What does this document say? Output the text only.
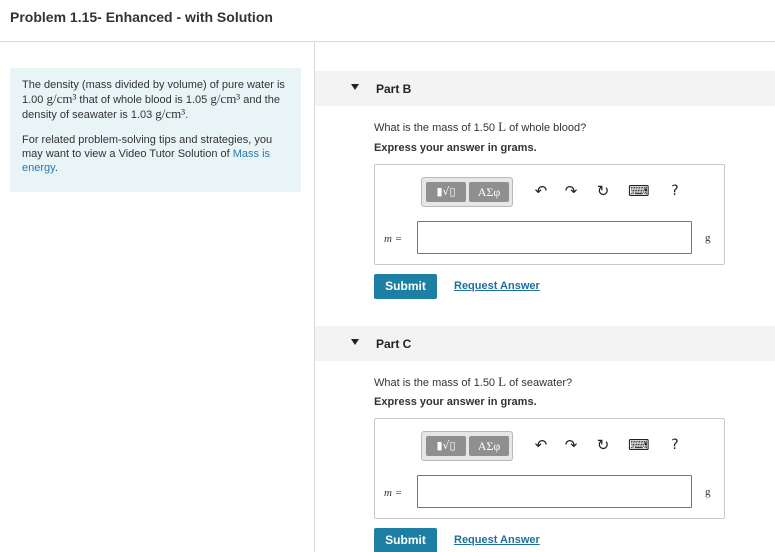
Problem 1.15- Enhanced - with Solution

The density (mass divided by volume) of pure water is 1.00 g/cm³ that of whole blood is 1.05 g/cm³ and the density of seawater is 1.03 g/cm³.

For related problem-solving tips and strategies, you may want to view a Video Tutor Solution of Mass is energy.

Part B
What is the mass of 1.50 L of whole blood?
Express your answer in grams.
▮√▯	ΑΣφ	↶ ↷ ↻ ⌨	?
m =	g
Submit	Request Answer
Part C
What is the mass of 1.50 L of seawater?
Express your answer in grams.
▮√▯	ΑΣφ	↶ ↷ ↻ ⌨	?
m =	g
Submit	Request Answer
